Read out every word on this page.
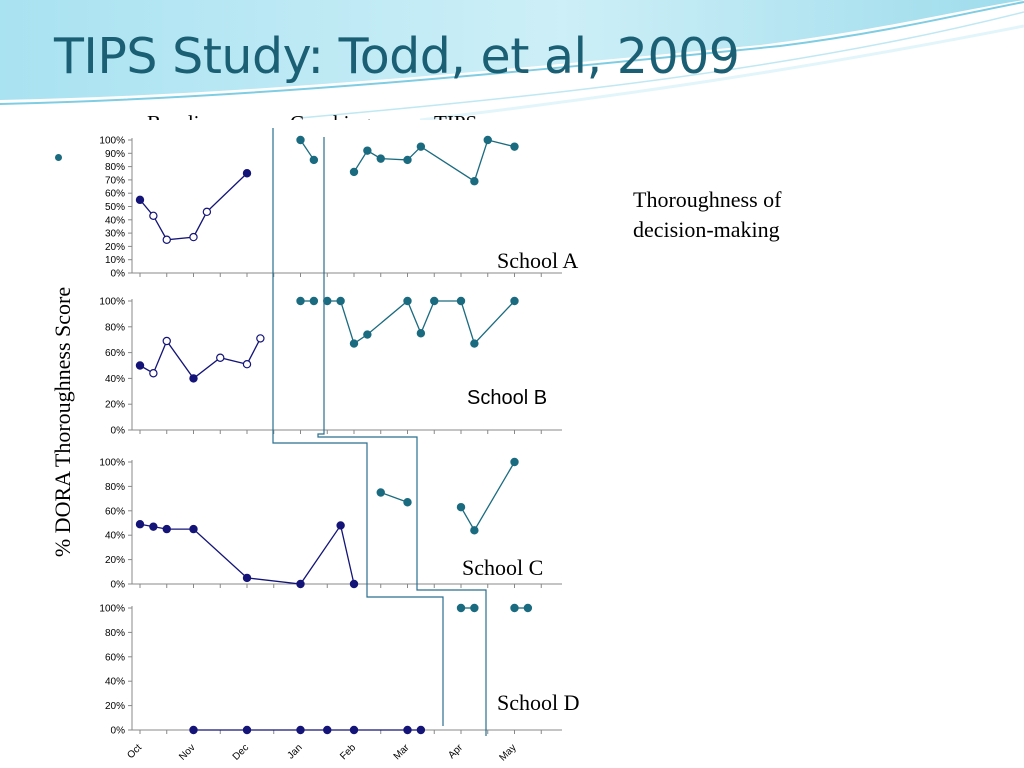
TIPS Study: Todd, et al, 2009
% DORA Thoroughness Score
Thoroughness of decision-making
0%
10%
20%
30%
40%
50%
60%
70%
80%
90%
100%
School A
0%
20%
40%
60%
80%
100%
School B
0%
20%
40%
60%
80%
100%
School C
0%
20%
40%
60%
80%
100%
Oct	Nov	Dec	Jan	Feb	Mar	Apr	May
School D
